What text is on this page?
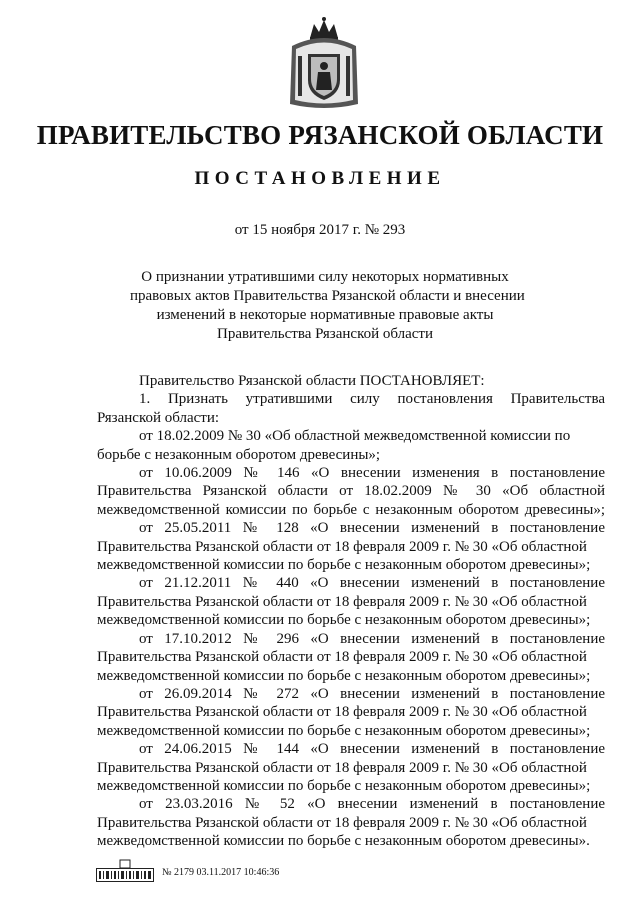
ПРАВИТЕЛЬСТВО РЯЗАНСКОЙ ОБЛАСТИ
ПОСТАНОВЛЕНИЕ
от 15 ноября 2017 г. № 293
О признании утратившими силу некоторых нормативных
правовых актов Правительства Рязанской области и внесении
изменений в некоторые нормативные правовые акты
Правительства Рязанской области
Правительство Рязанской области ПОСТАНОВЛЯЕТ:
1. Признать утратившими силу постановления Правительства
Рязанской области:
от 18.02.2009 № 30 «Об областной межведомственной комиссии по
борьбе с незаконным оборотом древесины»;
от 10.06.2009 № 146 «О внесении изменения в постановление
Правительства Рязанской области от 18.02.2009 № 30 «Об областной
межведомственной комиссии по борьбе с незаконным оборотом древесины»;
от 25.05.2011 № 128 «О внесении изменений в постановление
Правительства Рязанской области от 18 февраля 2009 г. № 30 «Об областной
межведомственной комиссии по борьбе с незаконным оборотом древесины»;
от 21.12.2011 № 440 «О внесении изменений в постановление
Правительства Рязанской области от 18 февраля 2009 г. № 30 «Об областной
межведомственной комиссии по борьбе с незаконным оборотом древесины»;
от 17.10.2012 № 296 «О внесении изменений в постановление
Правительства Рязанской области от 18 февраля 2009 г. № 30 «Об областной
межведомственной комиссии по борьбе с незаконным оборотом древесины»;
от 26.09.2014 № 272 «О внесении изменений в постановление
Правительства Рязанской области от 18 февраля 2009 г. № 30 «Об областной
межведомственной комиссии по борьбе с незаконным оборотом древесины»;
от 24.06.2015 № 144 «О внесении изменений в постановление
Правительства Рязанской области от 18 февраля 2009 г. № 30 «Об областной
межведомственной комиссии по борьбе с незаконным оборотом древесины»;
от 23.03.2016 № 52 «О внесении изменений в постановление
Правительства Рязанской области от 18 февраля 2009 г. № 30 «Об областной
межведомственной комиссии по борьбе с незаконным оборотом древесины».
№ 2179 03.11.2017 10:46:36
